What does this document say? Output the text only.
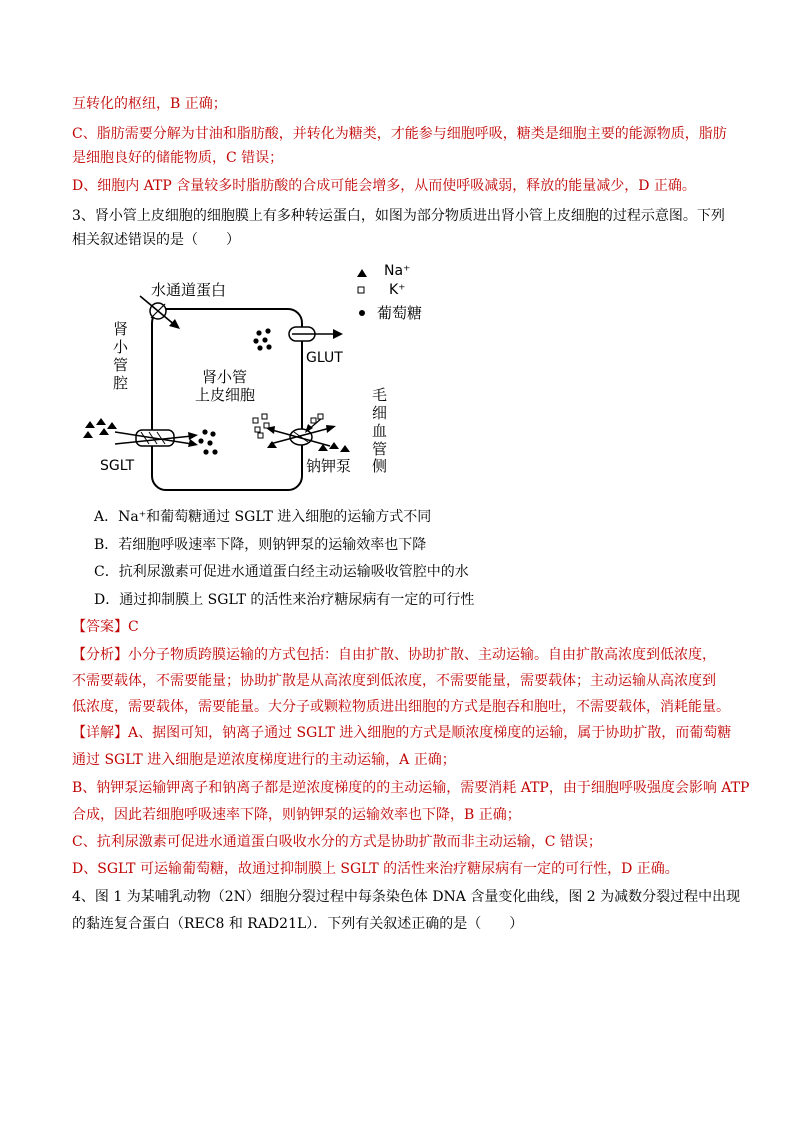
互转化的枢纽，B 正确；
C、脂肪需要分解为甘油和脂肪酸，并转化为糖类，才能参与细胞呼吸，糖类是细胞主要的能源物质，脂肪
是细胞良好的储能物质，C 错误；
D、细胞内 ATP 含量较多时脂肪酸的合成可能会增多，从而使呼吸减弱，释放的能量减少，D 正确。
3、肾小管上皮细胞的细胞膜上有多种转运蛋白，如图为部分物质进出肾小管上皮细胞的过程示意图。下列
相关叙述错误的是（　　）
水通道蛋白
GLUT
SGLT	钠钾泵
肾
小
管
腔	肾小管
上皮细胞	毛
细
血
管
侧
Na⁺
K⁺
葡萄糖
A．Na⁺和葡萄糖通过 SGLT 进入细胞的运输方式不同
B．若细胞呼吸速率下降，则钠钾泵的运输效率也下降
C．抗利尿激素可促进水通道蛋白经主动运输吸收管腔中的水
D．通过抑制膜上 SGLT 的活性来治疗糖尿病有一定的可行性
【答案】C
【分析】小分子物质跨膜运输的方式包括：自由扩散、协助扩散、主动运输。自由扩散高浓度到低浓度，
不需要载体，不需要能量；协助扩散是从高浓度到低浓度，不需要能量，需要载体；主动运输从高浓度到
低浓度，需要载体，需要能量。大分子或颗粒物质进出细胞的方式是胞吞和胞吐，不需要载体，消耗能量。
【详解】A、据图可知，钠离子通过 SGLT 进入细胞的方式是顺浓度梯度的运输，属于协助扩散，而葡萄糖
通过 SGLT 进入细胞是逆浓度梯度进行的主动运输，A 正确；
B、钠钾泵运输钾离子和钠离子都是逆浓度梯度的的主动运输，需要消耗 ATP，由于细胞呼吸强度会影响 ATP
合成，因此若细胞呼吸速率下降，则钠钾泵的运输效率也下降，B 正确；
C、抗利尿激素可促进水通道蛋白吸收水分的方式是协助扩散而非主动运输，C 错误；
D、SGLT 可运输葡萄糖，故通过抑制膜上 SGLT 的活性来治疗糖尿病有一定的可行性，D 正确。
4、图 1 为某哺乳动物（2N）细胞分裂过程中每条染色体 DNA 含量变化曲线，图 2 为减数分裂过程中出现
的黏连复合蛋白（REC8 和 RAD21L）．下列有关叙述正确的是（　　）
